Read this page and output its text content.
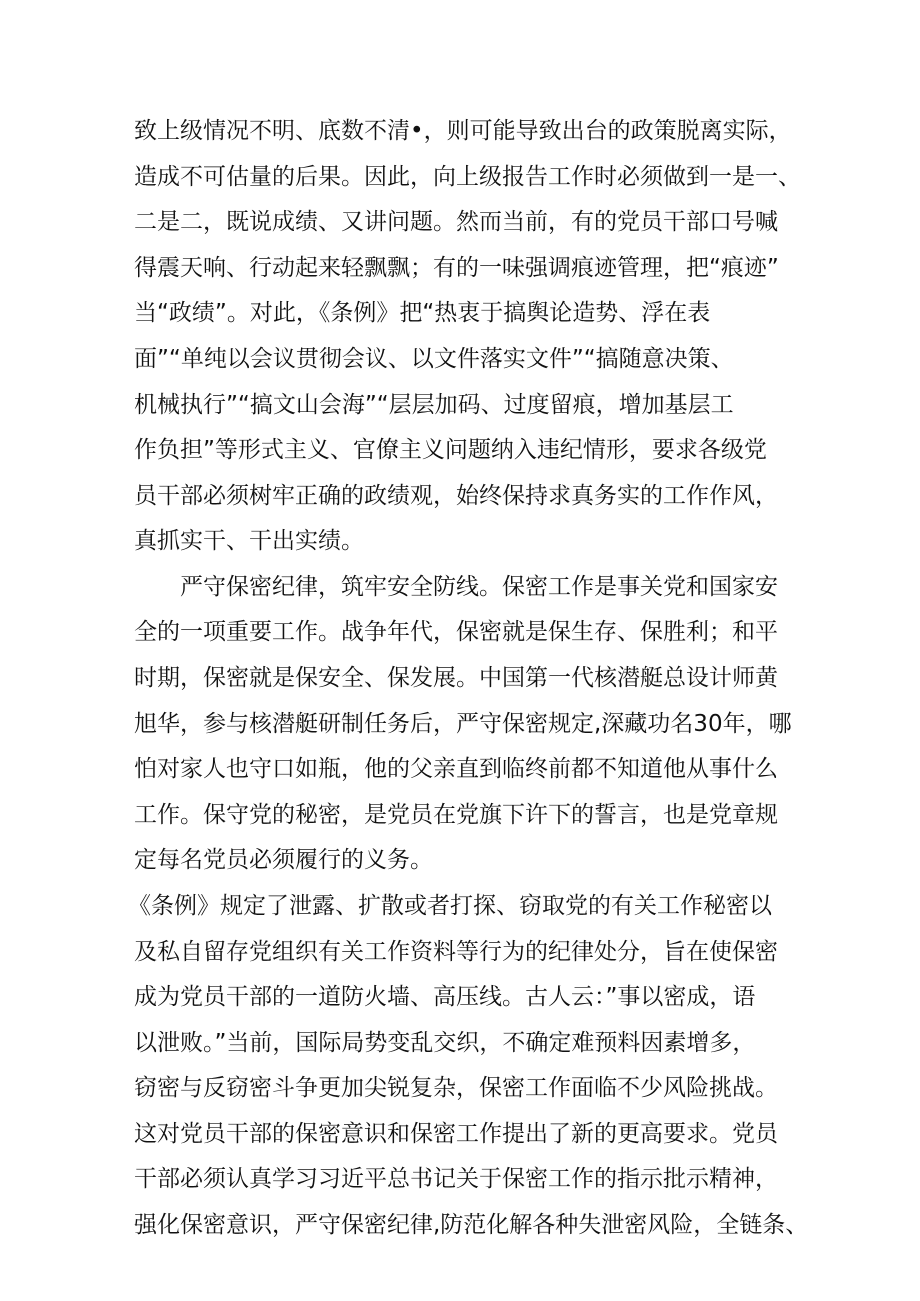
致上级情况不明、底数不清•，则可能导致出台的政策脱离实际，
造成不可估量的后果。因此，向上级报告工作时必须做到一是一、
二是二，既说成绩、又讲问题。然而当前，有的党员干部口号喊
得震天响、行动起来轻飘飘；有的一味强调痕迹管理，把“痕迹”
当“政绩”。对此，《条例》把“热衷于搞舆论造势、浮在表
面”“单纯以会议贯彻会议、以文件落实文件”“搞随意决策、
机械执行”“搞文山会海”“层层加码、过度留痕，增加基层工
作负担”等形式主义、官僚主义问题纳入违纪情形，要求各级党
员干部必须树牢正确的政绩观，始终保持求真务实的工作作风，
真抓实干、干出实绩。
严守保密纪律，筑牢安全防线。保密工作是事关党和国家安
全的一项重要工作。战争年代，保密就是保生存、保胜利；和平
时期，保密就是保安全、保发展。中国第一代核潜艇总设计师黄
旭华，参与核潜艇研制任务后，严守保密规定,深藏功名30年，哪
怕对家人也守口如瓶，他的父亲直到临终前都不知道他从事什么
工作。保守党的秘密，是党员在党旗下许下的誓言，也是党章规
定每名党员必须履行的义务。
《条例》规定了泄露、扩散或者打探、窃取党的有关工作秘密以
及私自留存党组织有关工作资料等行为的纪律处分，旨在使保密
成为党员干部的一道防火墙、高压线。古人云：”事以密成，语
以泄败。”当前，国际局势变乱交织，不确定难预料因素增多，
窃密与反窃密斗争更加尖锐复杂，保密工作面临不少风险挑战。
这对党员干部的保密意识和保密工作提出了新的更高要求。党员
干部必须认真学习习近平总书记关于保密工作的指示批示精神，
强化保密意识，严守保密纪律,防范化解各种失泄密风险，全链条、
